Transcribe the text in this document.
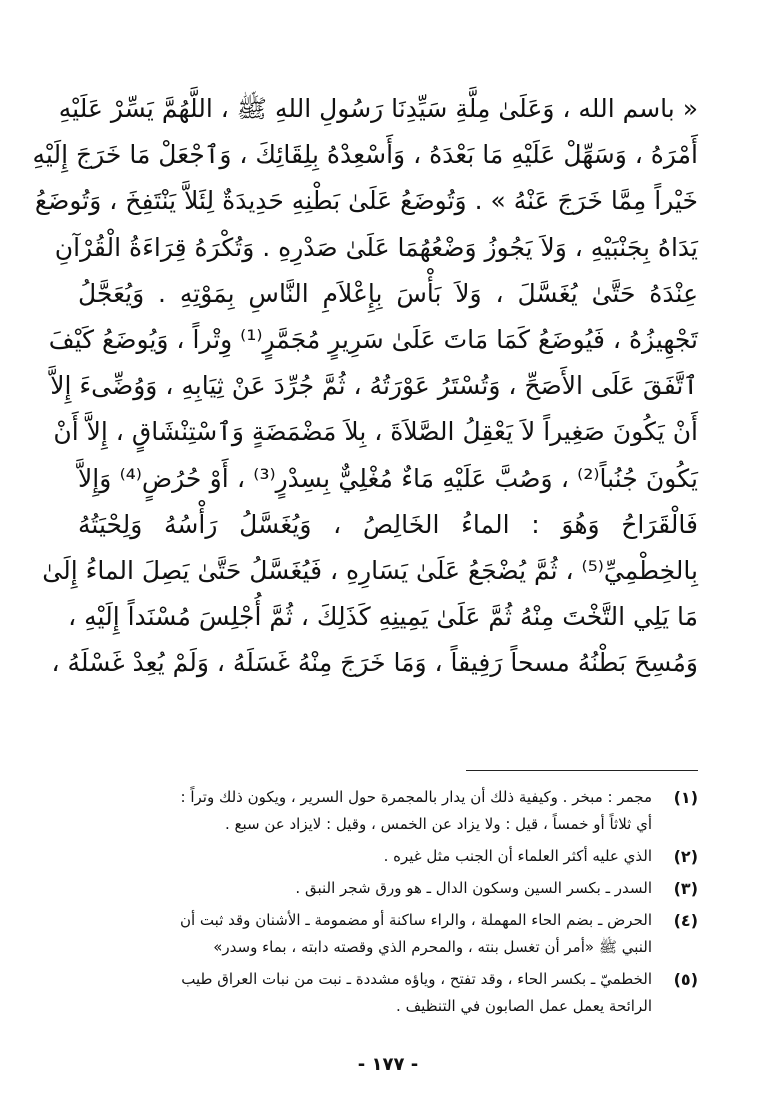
« باسم الله ، وَعَلَىٰ مِلَّةِ سَيِّدِنَا رَسُولِ اللهِ ﷺ ، اللَّهُمَّ يَسِّرْ عَلَيْهِ
أَمْرَهُ ، وَسَهِّلْ عَلَيْهِ مَا بَعْدَهُ ، وَأَسْعِدْهُ بِلِقَائِكَ ، وَٱجْعَلْ مَا خَرَجَ إِلَيْهِ
خَيْراً مِمَّا خَرَجَ عَنْهُ » . وَتُوضَعُ عَلَىٰ بَطْنِهِ حَدِيدَةٌ لِئَلاَّ يَنْتَفِخَ ، وَتُوضَعُ
يَدَاهُ بِجَنْبَيْهِ ، وَلاَ يَجُوزُ وَضْعُهُمَا عَلَىٰ صَدْرِهِ . وَتُكْرَهُ قِرَاءَةُ الْقُرْآنِ
عِنْدَهُ حَتَّىٰ يُغَسَّلَ ، وَلاَ بَأْسَ بِإِعْلاَمِ النَّاسِ بِمَوْتِهِ . وَيُعَجَّلُ
تَجْهِيزُهُ ، فَيُوضَعُ كَمَا مَاتَ عَلَىٰ سَرِيرٍ مُجَمَّرٍ⁽¹⁾ وِتْراً ، وَيُوضَعُ كَيْفَ
ٱتَّفَقَ عَلَى الأَصَحِّ ، وَتُسْتَرُ عَوْرَتُهُ ، ثُمَّ جُرِّدَ عَنْ ثِيَابِهِ ، وَوُضِّىءَ إِلاَّ
أَنْ يَكُونَ صَغِيراً لاَ يَعْقِلُ الصَّلاَةَ ، بِلاَ مَضْمَضَةٍ وَٱسْتِنْشَاقٍ ، إِلاَّ أَنْ
يَكُونَ جُنُباً⁽²⁾ ، وَصُبَّ عَلَيْهِ مَاءٌ مُغْلِيٌّ بِسِدْرٍ⁽³⁾ ، أَوْ حُرُضٍ⁽⁴⁾ وَإِلاَّ
فَالْقَرَاحُ وَهُوَ : الماءُ الخَالِصُ ، وَيُغَسَّلُ رَأْسُهُ وَلِحْيَتُهُ
بِالخِطْمِيِّ⁽⁵⁾ ، ثُمَّ يُضْجَعُ عَلَىٰ يَسَارِهِ ، فَيُغَسَّلُ حَتَّىٰ يَصِلَ الماءُ إِلَىٰ
مَا يَلِي التَّخْتَ مِنْهُ ثُمَّ عَلَىٰ يَمِينِهِ كَذَلِكَ ، ثُمَّ أُجْلِسَ مُسْنَداً إِلَيْهِ ،
وَمُسِحَ بَطْنُهُ مسحاً رَفِيقاً ، وَمَا خَرَجَ مِنْهُ غَسَلَهُ ، وَلَمْ يُعِدْ غَسْلَهُ ،
(١)
مجمر : مبخر . وكيفية ذلك أن يدار بالمجمرة حول السرير ، ويكون ذلك وتراً :
أي ثلاثاً أو خمساً ، قيل : ولا يزاد عن الخمس ، وقيل : لايزاد عن سبع .
(٢)
الذي عليه أكثر العلماء أن الجنب مثل غيره .
(٣)
السدر ـ بكسر السين وسكون الدال ـ هو ورق شجر النبق .
(٤)
الحرض ـ بضم الحاء المهملة ، والراء ساكنة أو مضمومة ـ الأشنان وقد ثبت أن
النبي ﷺ «أمر أن تغسل بنته ، والمحرم الذي وقصته دابته ، بماء وسدر»
(٥)
الخطميّ ـ بكسر الحاء ، وقد تفتح ، وياؤه مشددة ـ نبت من نبات العراق طيب
الرائحة يعمل عمل الصابون في التنظيف .
- ١٧٧ -
